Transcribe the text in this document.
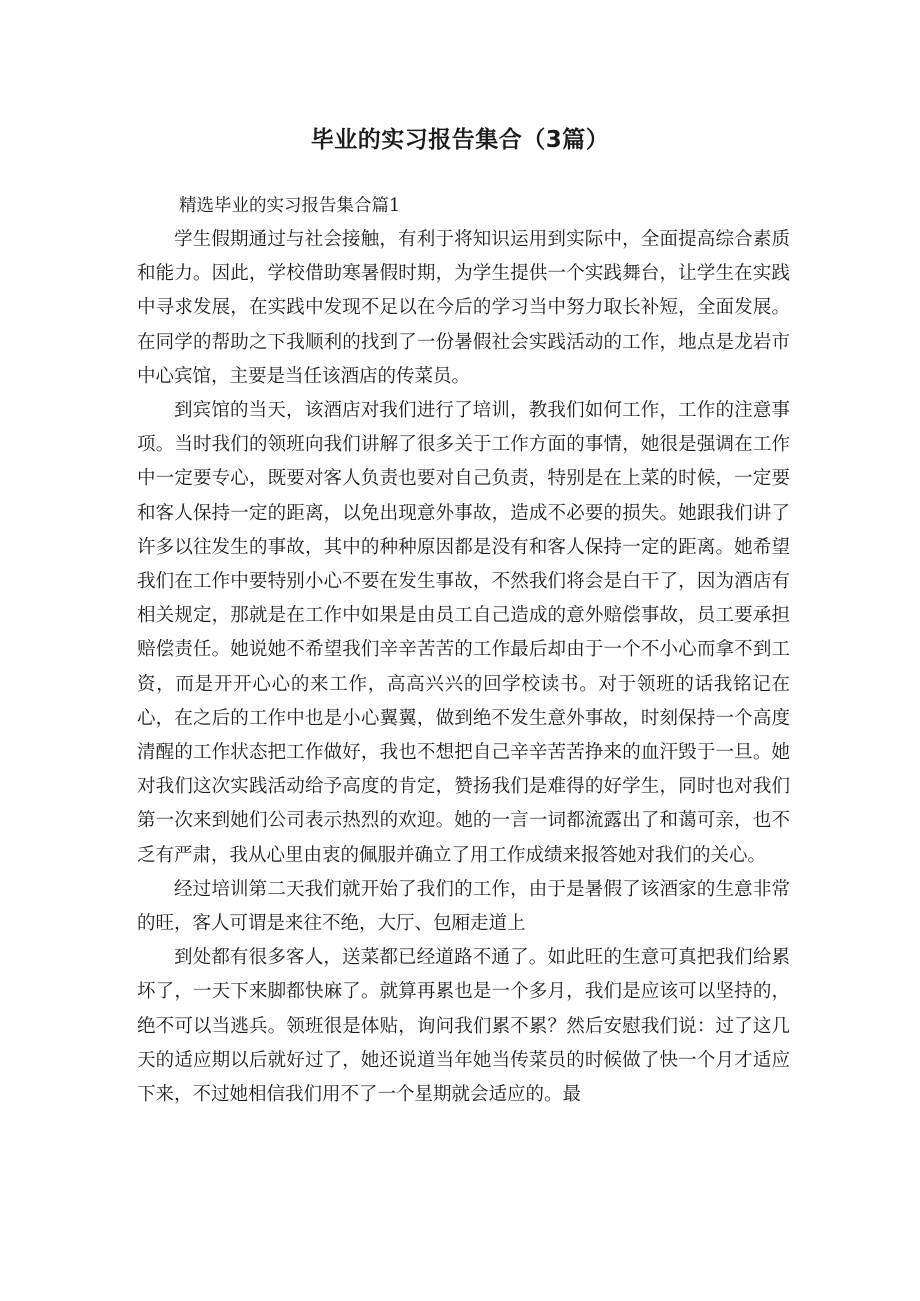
毕业的实习报告集合（3篇）

精选毕业的实习报告集合篇1

学生假期通过与社会接触，有利于将知识运用到实际中，全面提高综合素质和能力。因此，学校借助寒暑假时期，为学生提供一个实践舞台，让学生在实践中寻求发展，在实践中发现不足以在今后的学习当中努力取长补短，全面发展。在同学的帮助之下我顺利的找到了一份暑假社会实践活动的工作，地点是龙岩市中心宾馆，主要是当任该酒店的传菜员。

到宾馆的当天，该酒店对我们进行了培训，教我们如何工作，工作的注意事项。当时我们的领班向我们讲解了很多关于工作方面的事情，她很是强调在工作中一定要专心，既要对客人负责也要对自己负责，特别是在上菜的时候，一定要和客人保持一定的距离，以免出现意外事故，造成不必要的损失。她跟我们讲了许多以往发生的事故，其中的种种原因都是没有和客人保持一定的距离。她希望我们在工作中要特别小心不要在发生事故，不然我们将会是白干了，因为酒店有相关规定，那就是在工作中如果是由员工自己造成的意外赔偿事故，员工要承担赔偿责任。她说她不希望我们辛辛苦苦的工作最后却由于一个不小心而拿不到工资，而是开开心心的来工作，高高兴兴的回学校读书。对于领班的话我铭记在心，在之后的工作中也是小心翼翼，做到绝不发生意外事故，时刻保持一个高度清醒的工作状态把工作做好，我也不想把自己辛辛苦苦挣来的血汗毁于一旦。她对我们这次实践活动给予高度的肯定，赞扬我们是难得的好学生，同时也对我们第一次来到她们公司表示热烈的欢迎。她的一言一词都流露出了和蔼可亲，也不乏有严肃，我从心里由衷的佩服并确立了用工作成绩来报答她对我们的关心。

经过培训第二天我们就开始了我们的工作，由于是暑假了该酒家的生意非常的旺，客人可谓是来往不绝，大厅、包厢走道上

到处都有很多客人，送菜都已经道路不通了。如此旺的生意可真把我们给累坏了，一天下来脚都快麻了。就算再累也是一个多月，我们是应该可以坚持的，绝不可以当逃兵。领班很是体贴，询问我们累不累？然后安慰我们说：过了这几天的适应期以后就好过了，她还说道当年她当传菜员的时候做了快一个月才适应下来，不过她相信我们用不了一个星期就会适应的。最
